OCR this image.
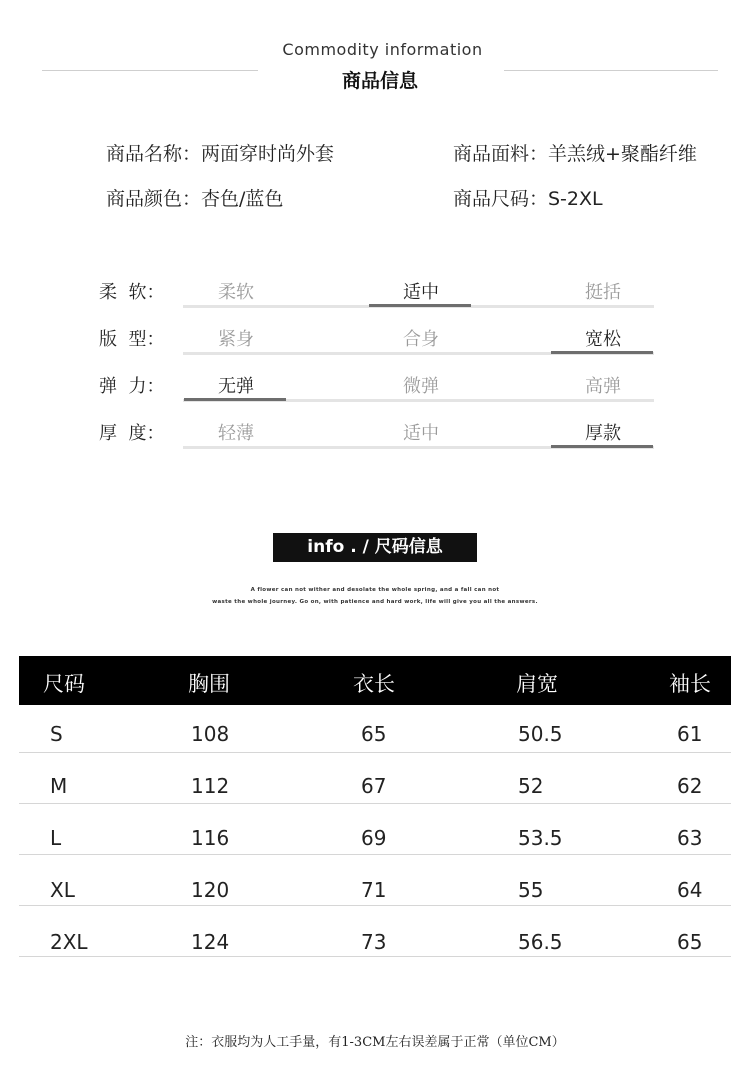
Commodity information
商品信息
商品名称：两面穿时尚外套	商品面料：羊羔绒+聚酯纤维
商品颜色：杏色/蓝色	商品尺码：S-2XL
柔  软：	柔软	适中	挺括
版  型：	紧身	合身	宽松
弹  力：	无弹	微弹	高弹
厚  度：	轻薄	适中	厚款
info . / 尺码信息
A flower can not wither and desolate the whole spring, and a fall can not
waste the whole journey. Go on, with patience and hard work, life will give you all the answers.
尺码	胸围	衣长	肩宽	袖长
S	108	65	50.5	61
M	112	67	52	62
L	116	69	53.5	63
XL	120	71	55	64
2XL	124	73	56.5	65
注：衣服均为人工手量，有1-3CM左右误差属于正常（单位CM）
